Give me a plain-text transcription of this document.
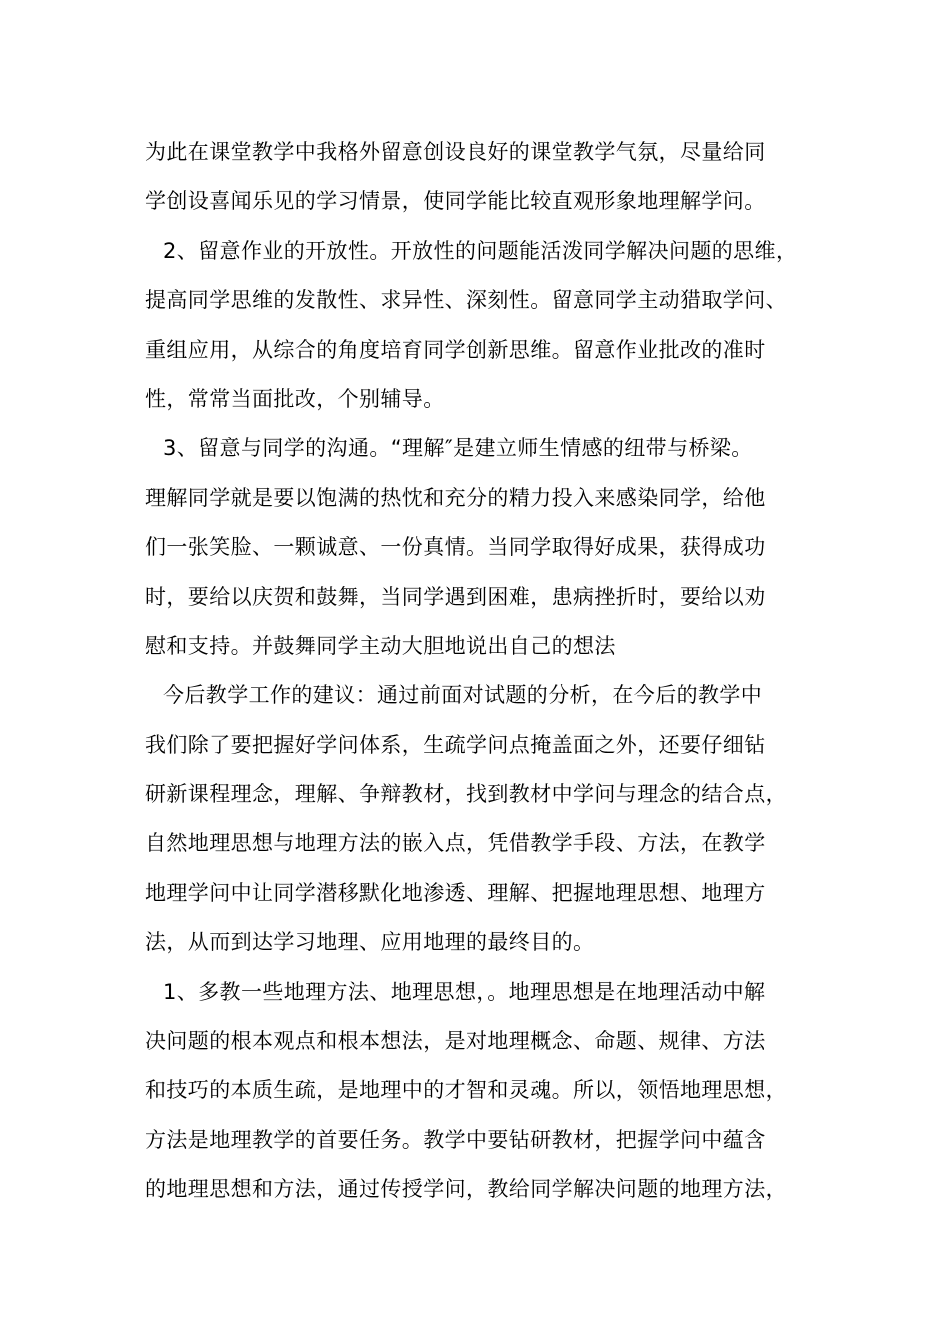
为此在课堂教学中我格外留意创设良好的课堂教学气氛，尽量给同
学创设喜闻乐见的学习情景，使同学能比较直观形象地理解学问。
2、留意作业的开放性。开放性的问题能活泼同学解决问题的思维，
提高同学思维的发散性、求异性、深刻性。留意同学主动猎取学问、
重组应用，从综合的角度培育同学创新思维。留意作业批改的准时
性，常常当面批改，个别辅导。
3、留意与同学的沟通。“理解″是建立师生情感的纽带与桥梁。
理解同学就是要以饱满的热忱和充分的精力投入来感染同学，给他
们一张笑脸、一颗诚意、一份真情。当同学取得好成果，获得成功
时，要给以庆贺和鼓舞，当同学遇到困难，患病挫折时，要给以劝
慰和支持。并鼓舞同学主动大胆地说出自己的想法
今后教学工作的建议：通过前面对试题的分析，在今后的教学中
我们除了要把握好学问体系，生疏学问点掩盖面之外，还要仔细钻
研新课程理念，理解、争辩教材，找到教材中学问与理念的结合点，
自然地理思想与地理方法的嵌入点，凭借教学手段、方法，在教学
地理学问中让同学潜移默化地渗透、理解、把握地理思想、地理方
法，从而到达学习地理、应用地理的最终目的。
1、多教一些地理方法、地理思想，。地理思想是在地理活动中解
决问题的根本观点和根本想法，是对地理概念、命题、规律、方法
和技巧的本质生疏，是地理中的才智和灵魂。所以，领悟地理思想，
方法是地理教学的首要任务。教学中要钻研教材，把握学问中蕴含
的地理思想和方法，通过传授学问，教给同学解决问题的地理方法，
